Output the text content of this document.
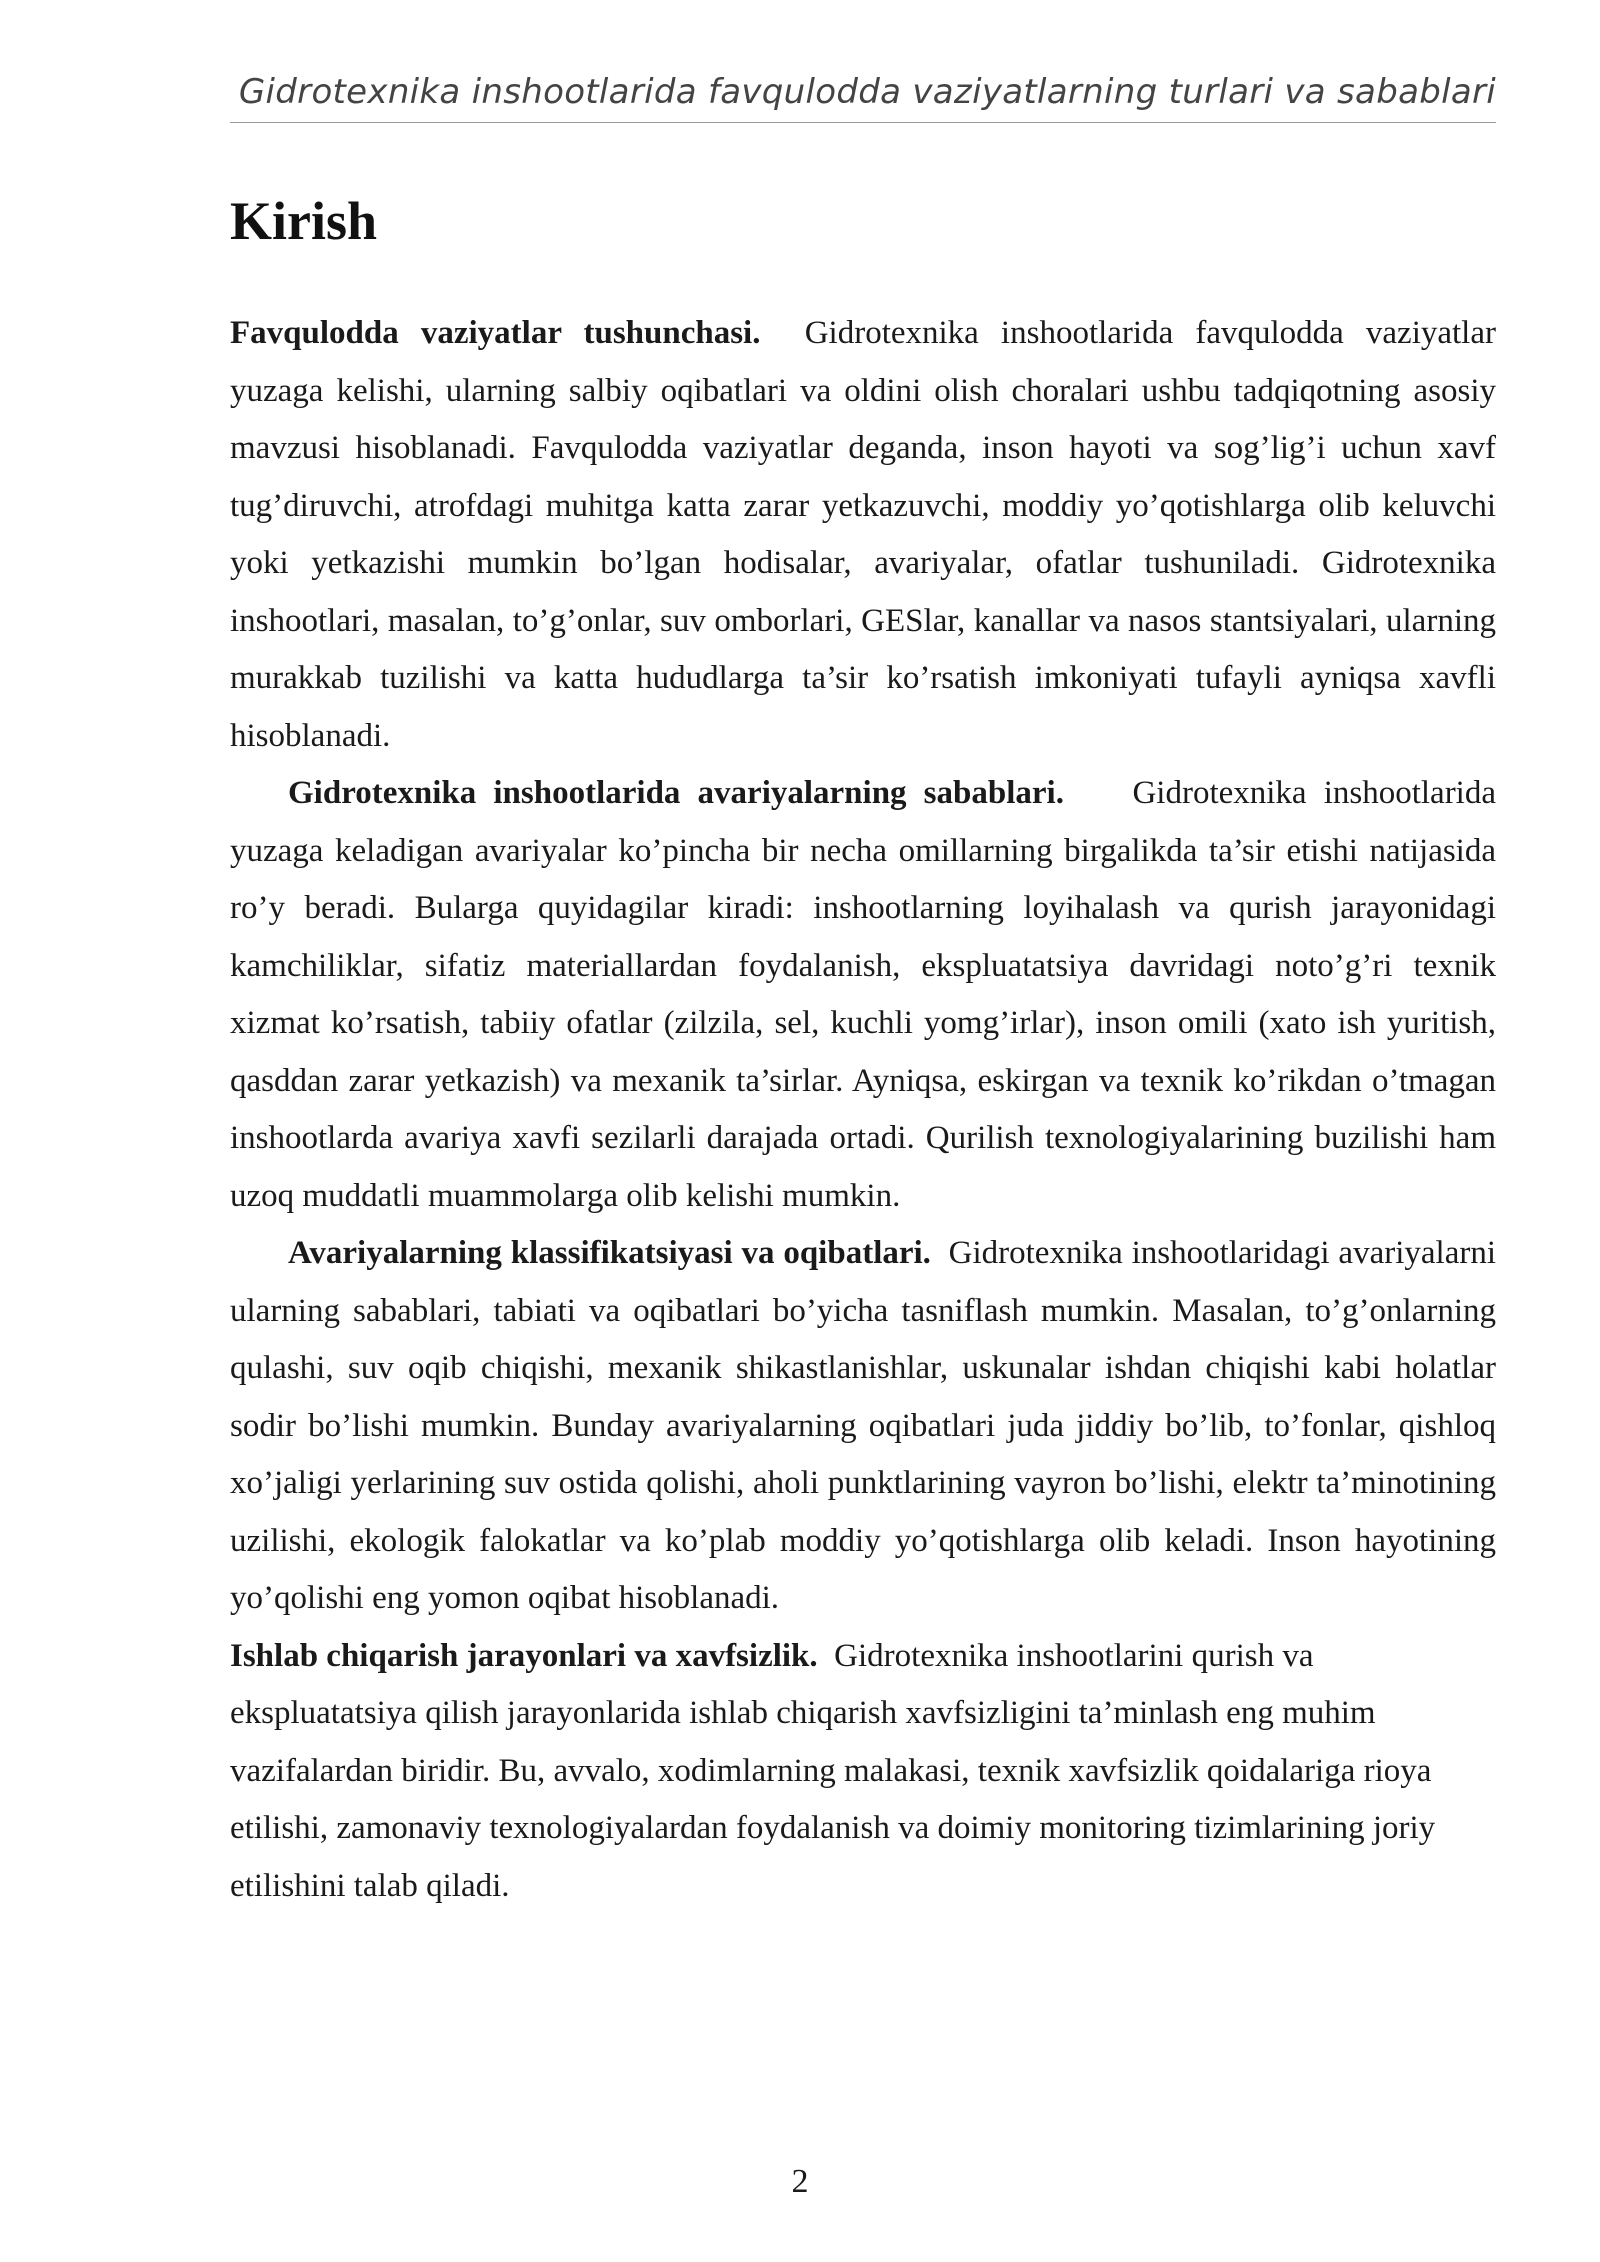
Gidrotexnika inshootlarida favqulodda vaziyatlarning turlari va sabablari
Kirish

Favqulodda vaziyatlar tushunchasi. Gidrotexnika inshootlarida favqulodda vaziyatlar yuzaga kelishi, ularning salbiy oqibatlari va oldini olish choralari ushbu tadqiqotning asosiy mavzusi hisoblanadi. Favqulodda vaziyatlar deganda, inson hayoti va sog’lig’i uchun xavf tug’diruvchi, atrofdagi muhitga katta zarar yetkazuvchi, moddiy yo’qotishlarga olib keluvchi yoki yetkazishi mumkin bo’lgan hodisalar, avariyalar, ofatlar tushuniladi. Gidrotexnika inshootlari, masalan, to’g’onlar, suv omborlari, GESlar, kanallar va nasos stantsiyalari, ularning murakkab tuzilishi va katta hududlarga ta’sir ko’rsatish imkoniyati tufayli ayniqsa xavfli hisoblanadi.

Gidrotexnika inshootlarida avariyalarning sabablari. Gidrotexnika inshootlarida yuzaga keladigan avariyalar ko’pincha bir necha omillarning birgalikda ta’sir etishi natijasida ro’y beradi. Bularga quyidagilar kiradi: inshootlarning loyihalash va qurish jarayonidagi kamchiliklar, sifatiz materiallardan foydalanish, ekspluatatsiya davridagi noto’g’ri texnik xizmat ko’rsatish, tabiiy ofatlar (zilzila, sel, kuchli yomg’irlar), inson omili (xato ish yuritish, qasddan zarar yetkazish) va mexanik ta’sirlar. Ayniqsa, eskirgan va texnik ko’rikdan o’tmagan inshootlarda avariya xavfi sezilarli darajada ortadi. Qurilish texnologiyalarining buzilishi ham uzoq muddatli muammolarga olib kelishi mumkin.

Avariyalarning klassifikatsiyasi va oqibatlari. Gidrotexnika inshootlaridagi avariyalarni ularning sabablari, tabiati va oqibatlari bo’yicha tasniflash mumkin. Masalan, to’g’onlarning qulashi, suv oqib chiqishi, mexanik shikastlanishlar, uskunalar ishdan chiqishi kabi holatlar sodir bo’lishi mumkin. Bunday avariyalarning oqibatlari juda jiddiy bo’lib, to’fonlar, qishloq xo’jaligi yerlarining suv ostida qolishi, aholi punktlarining vayron bo’lishi, elektr ta’minotining uzilishi, ekologik falokatlar va ko’plab moddiy yo’qotishlarga olib keladi. Inson hayotining yo’qolishi eng yomon oqibat hisoblanadi.

Ishlab chiqarish jarayonlari va xavfsizlik. Gidrotexnika inshootlarini qurish va ekspluatatsiya qilish jarayonlarida ishlab chiqarish xavfsizligini ta’minlash eng muhim vazifalardan biridir. Bu, avvalo, xodimlarning malakasi, texnik xavfsizlik qoidalariga rioya etilishi, zamonaviy texnologiyalardan foydalanish va doimiy monitoring tizimlarining joriy etilishini talab qiladi.

2
